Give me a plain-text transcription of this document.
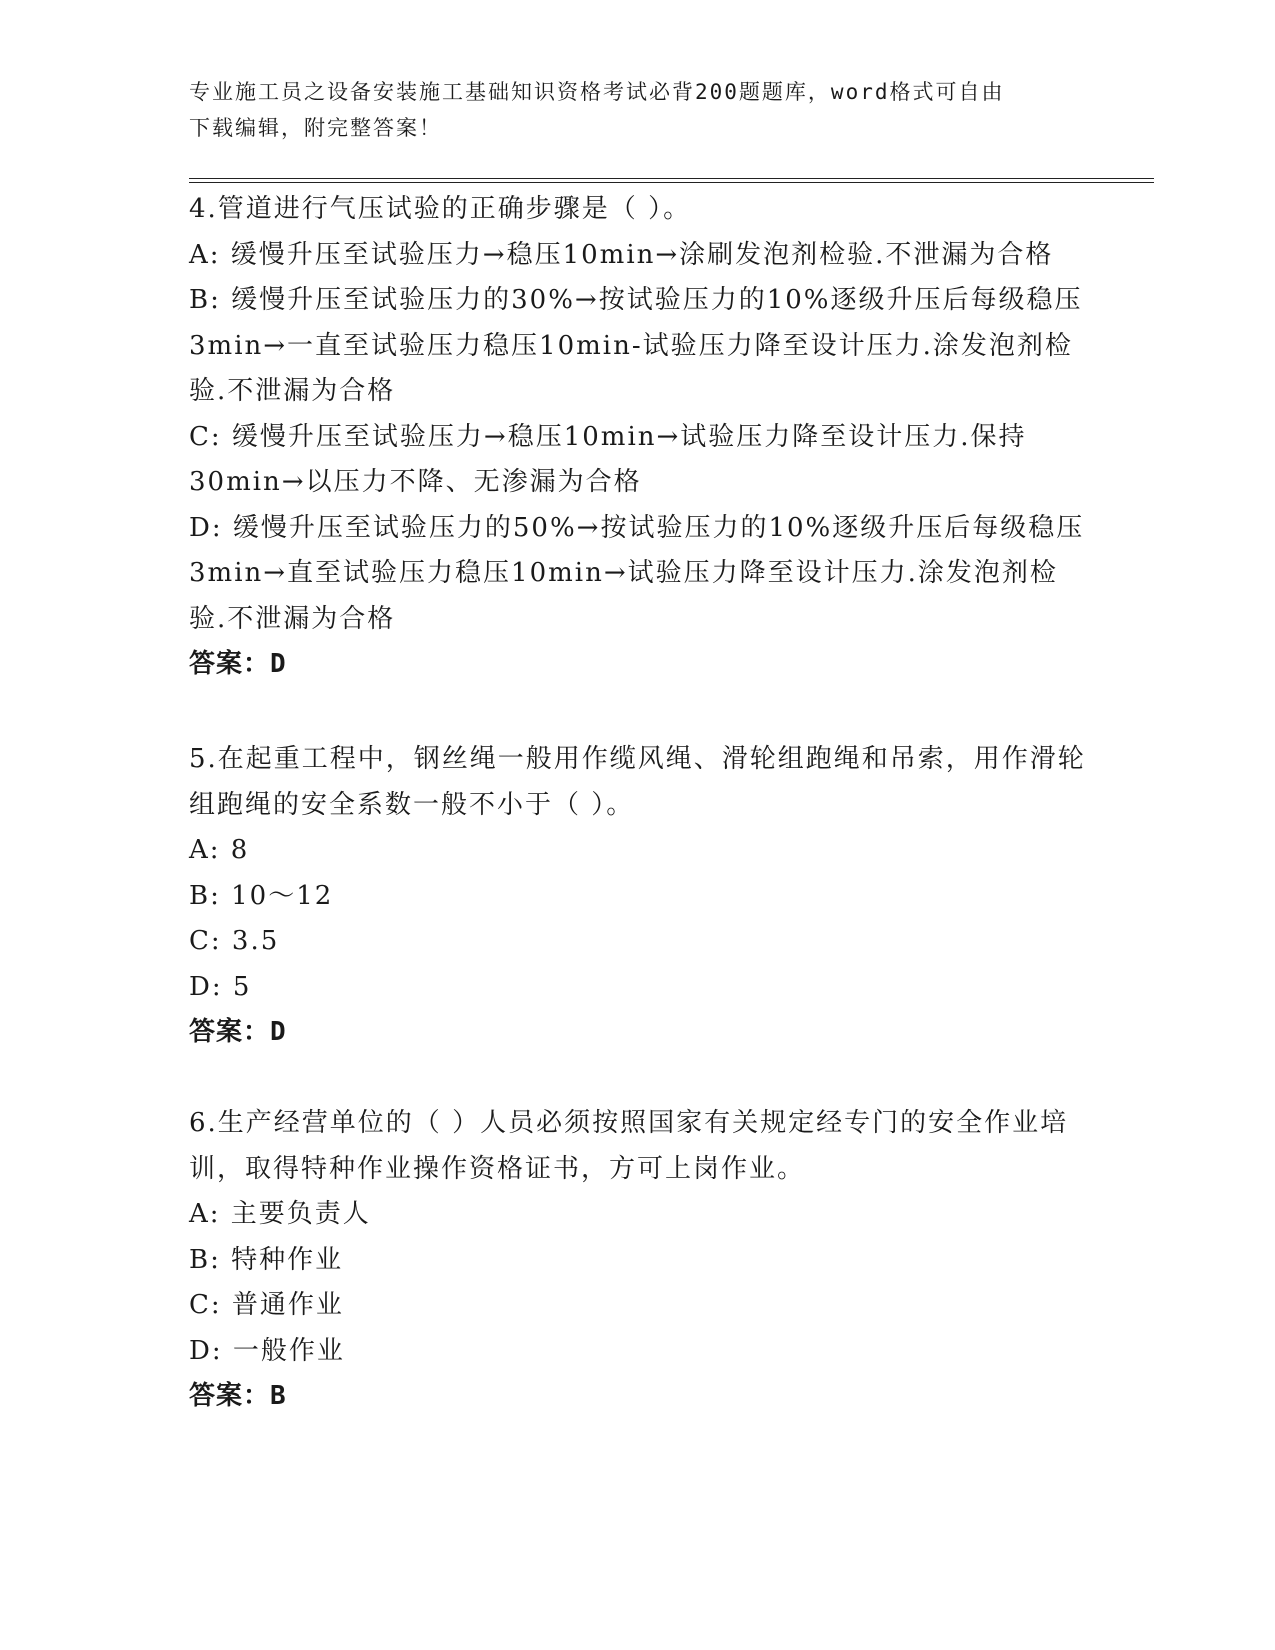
专业施工员之设备安装施工基础知识资格考试必背200题题库，word格式可自由
下载编辑，附完整答案！

4.管道进行气压试验的正确步骤是（ ）。

A: 缓慢升压至试验压力→稳压10min→涂刷发泡剂检验.不泄漏为合格

B: 缓慢升压至试验压力的30%→按试验压力的10%逐级升压后每级稳压3min→一直至试验压力稳压10min-试验压力降至设计压力.涂发泡剂检验.不泄漏为合格

C: 缓慢升压至试验压力→稳压10min→试验压力降至设计压力.保持30min→以压力不降、无渗漏为合格

D: 缓慢升压至试验压力的50%→按试验压力的10%逐级升压后每级稳压3min→直至试验压力稳压10min→试验压力降至设计压力.涂发泡剂检验.不泄漏为合格

答案：D

5.在起重工程中，钢丝绳一般用作缆风绳、滑轮组跑绳和吊索，用作滑轮组跑绳的安全系数一般不小于（ ）。

A: 8

B: 10～12

C: 3.5

D: 5

答案：D

6.生产经营单位的（ ）人员必须按照国家有关规定经专门的安全作业培训，取得特种作业操作资格证书，方可上岗作业。

A: 主要负责人

B: 特种作业

C: 普通作业

D: 一般作业

答案：B
